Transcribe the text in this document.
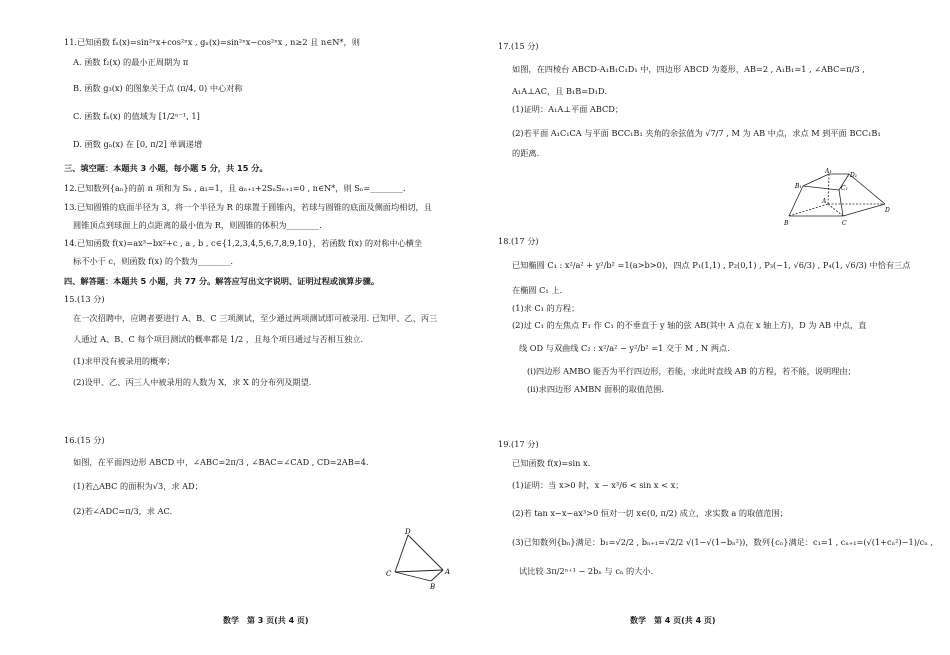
11.已知函数 fₙ(x)=sin²ⁿx+cos²ⁿx , gₙ(x)=sin²ⁿx−cos²ⁿx , n≥2 且 n∈N*，则
A. 函数 f₂(x) 的最小正周期为 π
B. 函数 g₃(x) 的图象关于点 (π/4, 0) 中心对称
C. 函数 fₙ(x) 的值域为 [1/2ⁿ⁻¹, 1]
D. 函数 gₙ(x) 在 [0, π/2] 单调递增
三、填空题：本题共 3 小题，每小题 5 分，共 15 分。
12.已知数列{aₙ}的前 n 项和为 Sₙ , a₁=1，且 aₙ₊₁+2SₙSₙ₊₁=0 , n∈N*，则 Sₙ=________.
13.已知圆锥的底面半径为 3，将一个半径为 R 的球置于圆锥内，若球与圆锥的底面及侧面均相切，且
圆锥顶点到球面上的点距离的最小值为 R，则圆锥的体积为________.
14.已知函数 f(x)=ax³−bx²+c , a , b , c∈{1,2,3,4,5,6,7,8,9,10}，若函数 f(x) 的对称中心横坐
标不小于 c，则函数 f(x) 的个数为________.
四、解答题：本题共 5 小题，共 77 分。解答应写出文字说明、证明过程或演算步骤。
15.(13 分)
在一次招聘中，应聘者要进行 A、B、C 三项测试，至少通过两项测试即可被录用. 已知甲、乙、丙三
人通过 A、B、C 每个项目测试的概率都是 1/2 ，且每个项目通过与否相互独立.
(1)求甲没有被录用的概率；
(2)设甲、乙、丙三人中被录用的人数为 X，求 X 的分布列及期望.
16.(15 分)
如图，在平面四边形 ABCD 中，∠ABC=2π/3 , ∠BAC=∠CAD , CD=2AB=4.
(1)若△ABC 的面积为√3，求 AD；
(2)若∠ADC=π/3，求 AC.
D
C	A
B
数学　第 3 页(共 4 页)
17.(15 分)
如图，在四棱台 ABCD-A₁B₁C₁D₁ 中，四边形 ABCD 为菱形，AB=2 , A₁B₁=1 , ∠ABC=π/3 ,
A₁A⊥AC，且 B₁B=D₁D.
(1)证明：A₁A⊥平面 ABCD；
(2)若平面 A₁C₁CA 与平面 BCC₁B₁ 夹角的余弦值为 √7/7 , M 为 AB 中点，求点 M 到平面 BCC₁B₁
的距离.
A₁
D₁
B₁	C₁
A
B	C
D
18.(17 分)
已知椭圆 C₁ : x²/a² + y²/b² =1(a>b>0)，四点 P₁(1,1) , P₂(0,1) , P₃(−1, √6/3) , P₄(1, √6/3) 中恰有三点
在椭圆 C₁ 上.
(1)求 C₁ 的方程；
(2)过 C₁ 的左焦点 F₁ 作 C₁ 的不垂直于 y 轴的弦 AB(其中 A 点在 x 轴上方)，D 为 AB 中点，直
线 OD 与双曲线 C₂ : x²/a² − y²/b² =1 交于 M , N 两点.
(i)四边形 AMBO 能否为平行四边形，若能，求此时直线 AB 的方程，若不能，说明理由；
(ii)求四边形 AMBN 面积的取值范围.
19.(17 分)
已知函数 f(x)=sin x.
(1)证明：当 x>0 时，x − x³/6 < sin x < x；
(2)若 tan x−x−ax³>0 恒对一切 x∈(0, π/2) 成立，求实数 a 的取值范围；
(3)已知数列{bₙ}满足：b₁=√2/2 , bₙ₊₁=√2/2 √(1−√(1−bₙ²))，数列{cₙ}满足：c₁=1 , cₙ₊₁=(√(1+cₙ²)−1)/cₙ ,
试比较 3π/2ⁿ⁺¹ − 2bₙ 与 cₙ 的大小.
数学　第 4 页(共 4 页)
